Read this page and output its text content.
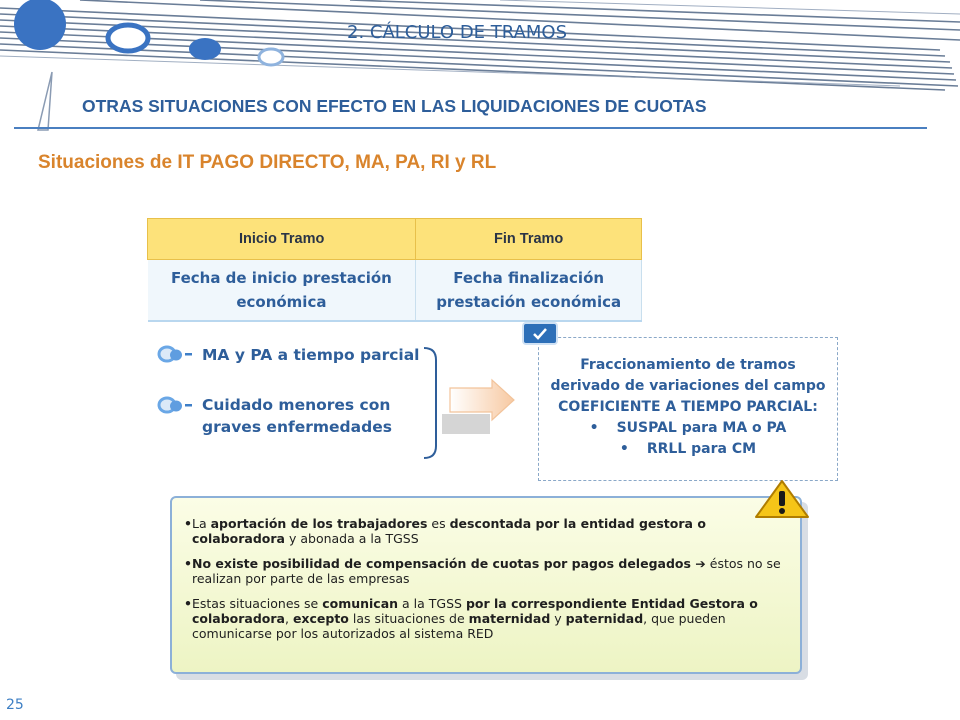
2. CÁLCULO DE TRAMOS
OTRAS SITUACIONES CON EFECTO EN LAS LIQUIDACIONES DE CUOTAS
Situaciones de IT PAGO DIRECTO, MA, PA, RI y RL
Inicio Tramo	Fin Tramo
Fecha de inicio prestación
económica	Fecha finalización
prestación económica
MA y PA a tiempo parcial
Cuidado menores con
graves enfermedades
Fraccionamiento de tramos
derivado de variaciones del campo
COEFICIENTE A TIEMPO PARCIAL:
• SUSPAL para MA o PA
• RRLL para CM
• La aportación de los trabajadores es descontada por la entidad gestora o colaboradora y abonada a la TGSS
• No existe posibilidad de compensación de cuotas por pagos delegados ➔ éstos no se realizan por parte de las empresas
• Estas situaciones se comunican a la TGSS por la correspondiente Entidad Gestora o colaboradora, excepto las situaciones de maternidad y paternidad, que pueden comunicarse por los autorizados al sistema RED
25
